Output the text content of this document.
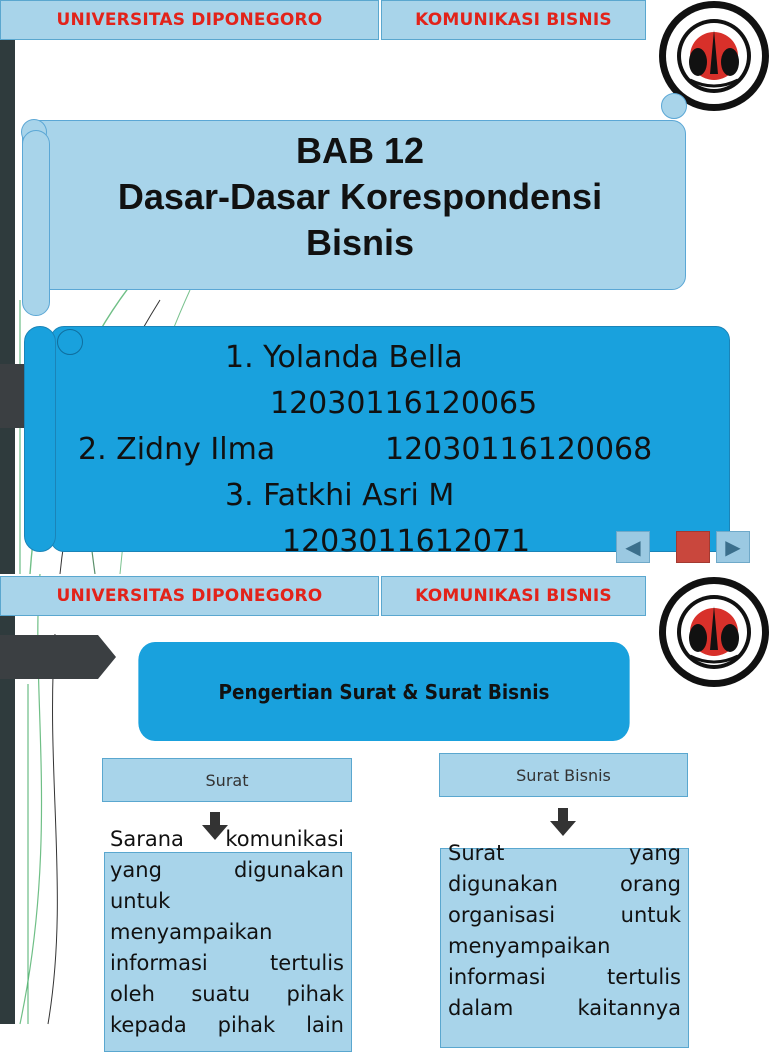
UNIVERSITAS DIPONEGORO	KOMUNIKASI BISNIS
BAB 12
Dasar-Dasar Korespondensi
Bisnis
1. Yolanda Bella
12030116120065
2. Zidny Ilma	12030116120068
3. Fatkhi Asri M
1203011612071	◀	▶
UNIVERSITAS DIPONEGORO	KOMUNIKASI BISNIS
Pengertian Surat & Surat Bisnis
Surat	Surat Bisnis
Sarana komunikasi
yang digunakan
untuk
menyampaikan
informasi tertulis
oleh suatu pihak
kepada pihak lain
Surat yang
digunakan orang
organisasi untuk
menyampaikan
informasi tertulis
dalam kaitannya
